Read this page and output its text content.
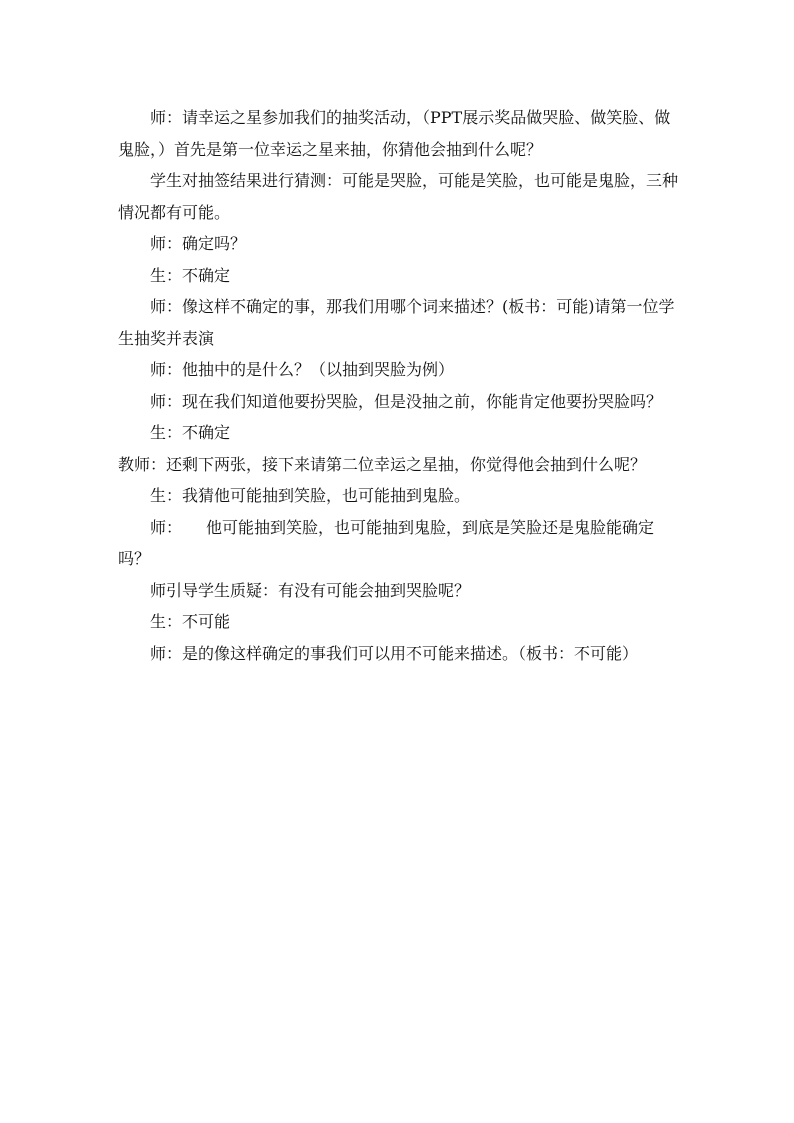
师：请幸运之星参加我们的抽奖活动，（PPT展示奖品做哭脸、做笑脸、做鬼脸，）首先是第一位幸运之星来抽，你猜他会抽到什么呢？

学生对抽签结果进行猜测：可能是哭脸，可能是笑脸，也可能是鬼脸，三种情况都有可能。

师：确定吗？

生：不确定

师：像这样不确定的事，那我们用哪个词来描述？(板书：可能)请第一位学生抽奖并表演

师：他抽中的是什么？（以抽到哭脸为例）

师：现在我们知道他要扮哭脸，但是没抽之前，你能肯定他要扮哭脸吗？

生：不确定

教师：还剩下两张，接下来请第二位幸运之星抽，你觉得他会抽到什么呢？

生：我猜他可能抽到笑脸，也可能抽到鬼脸。

师：　　他可能抽到笑脸，也可能抽到鬼脸，到底是笑脸还是鬼脸能确定吗？

师引导学生质疑：有没有可能会抽到哭脸呢？

生：不可能

师：是的像这样确定的事我们可以用不可能来描述。（板书：不可能）
